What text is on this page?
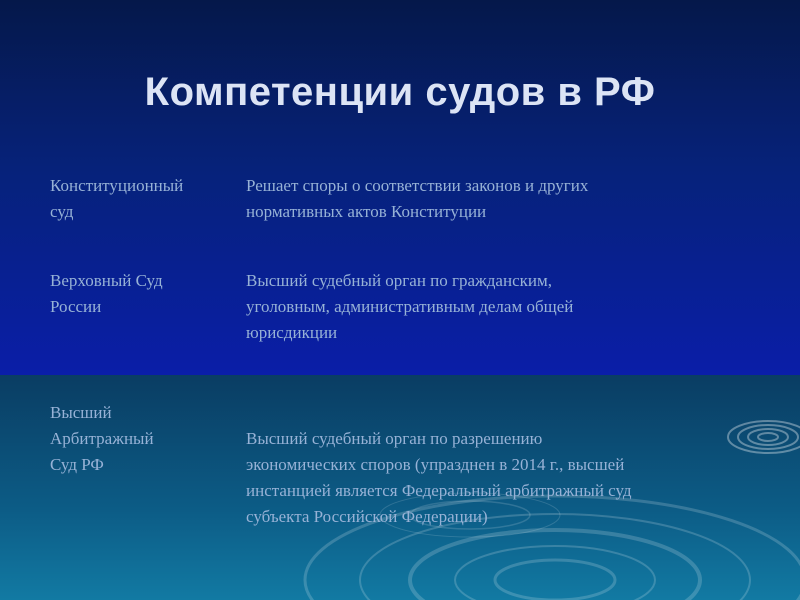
Компетенции судов в РФ
Конституционный
суд
Решает споры о соответствии законов и других
нормативных актов Конституции
Верховный Суд
России
Высший судебный орган по гражданским,
уголовным, административным делам общей
юрисдикции
Высший
Арбитражный
Суд РФ
Высший судебный орган по разрешению
экономических споров (упразднен в 2014 г., высшей
инстанцией является Федеральный арбитражный суд
субъекта Российской Федерации)
